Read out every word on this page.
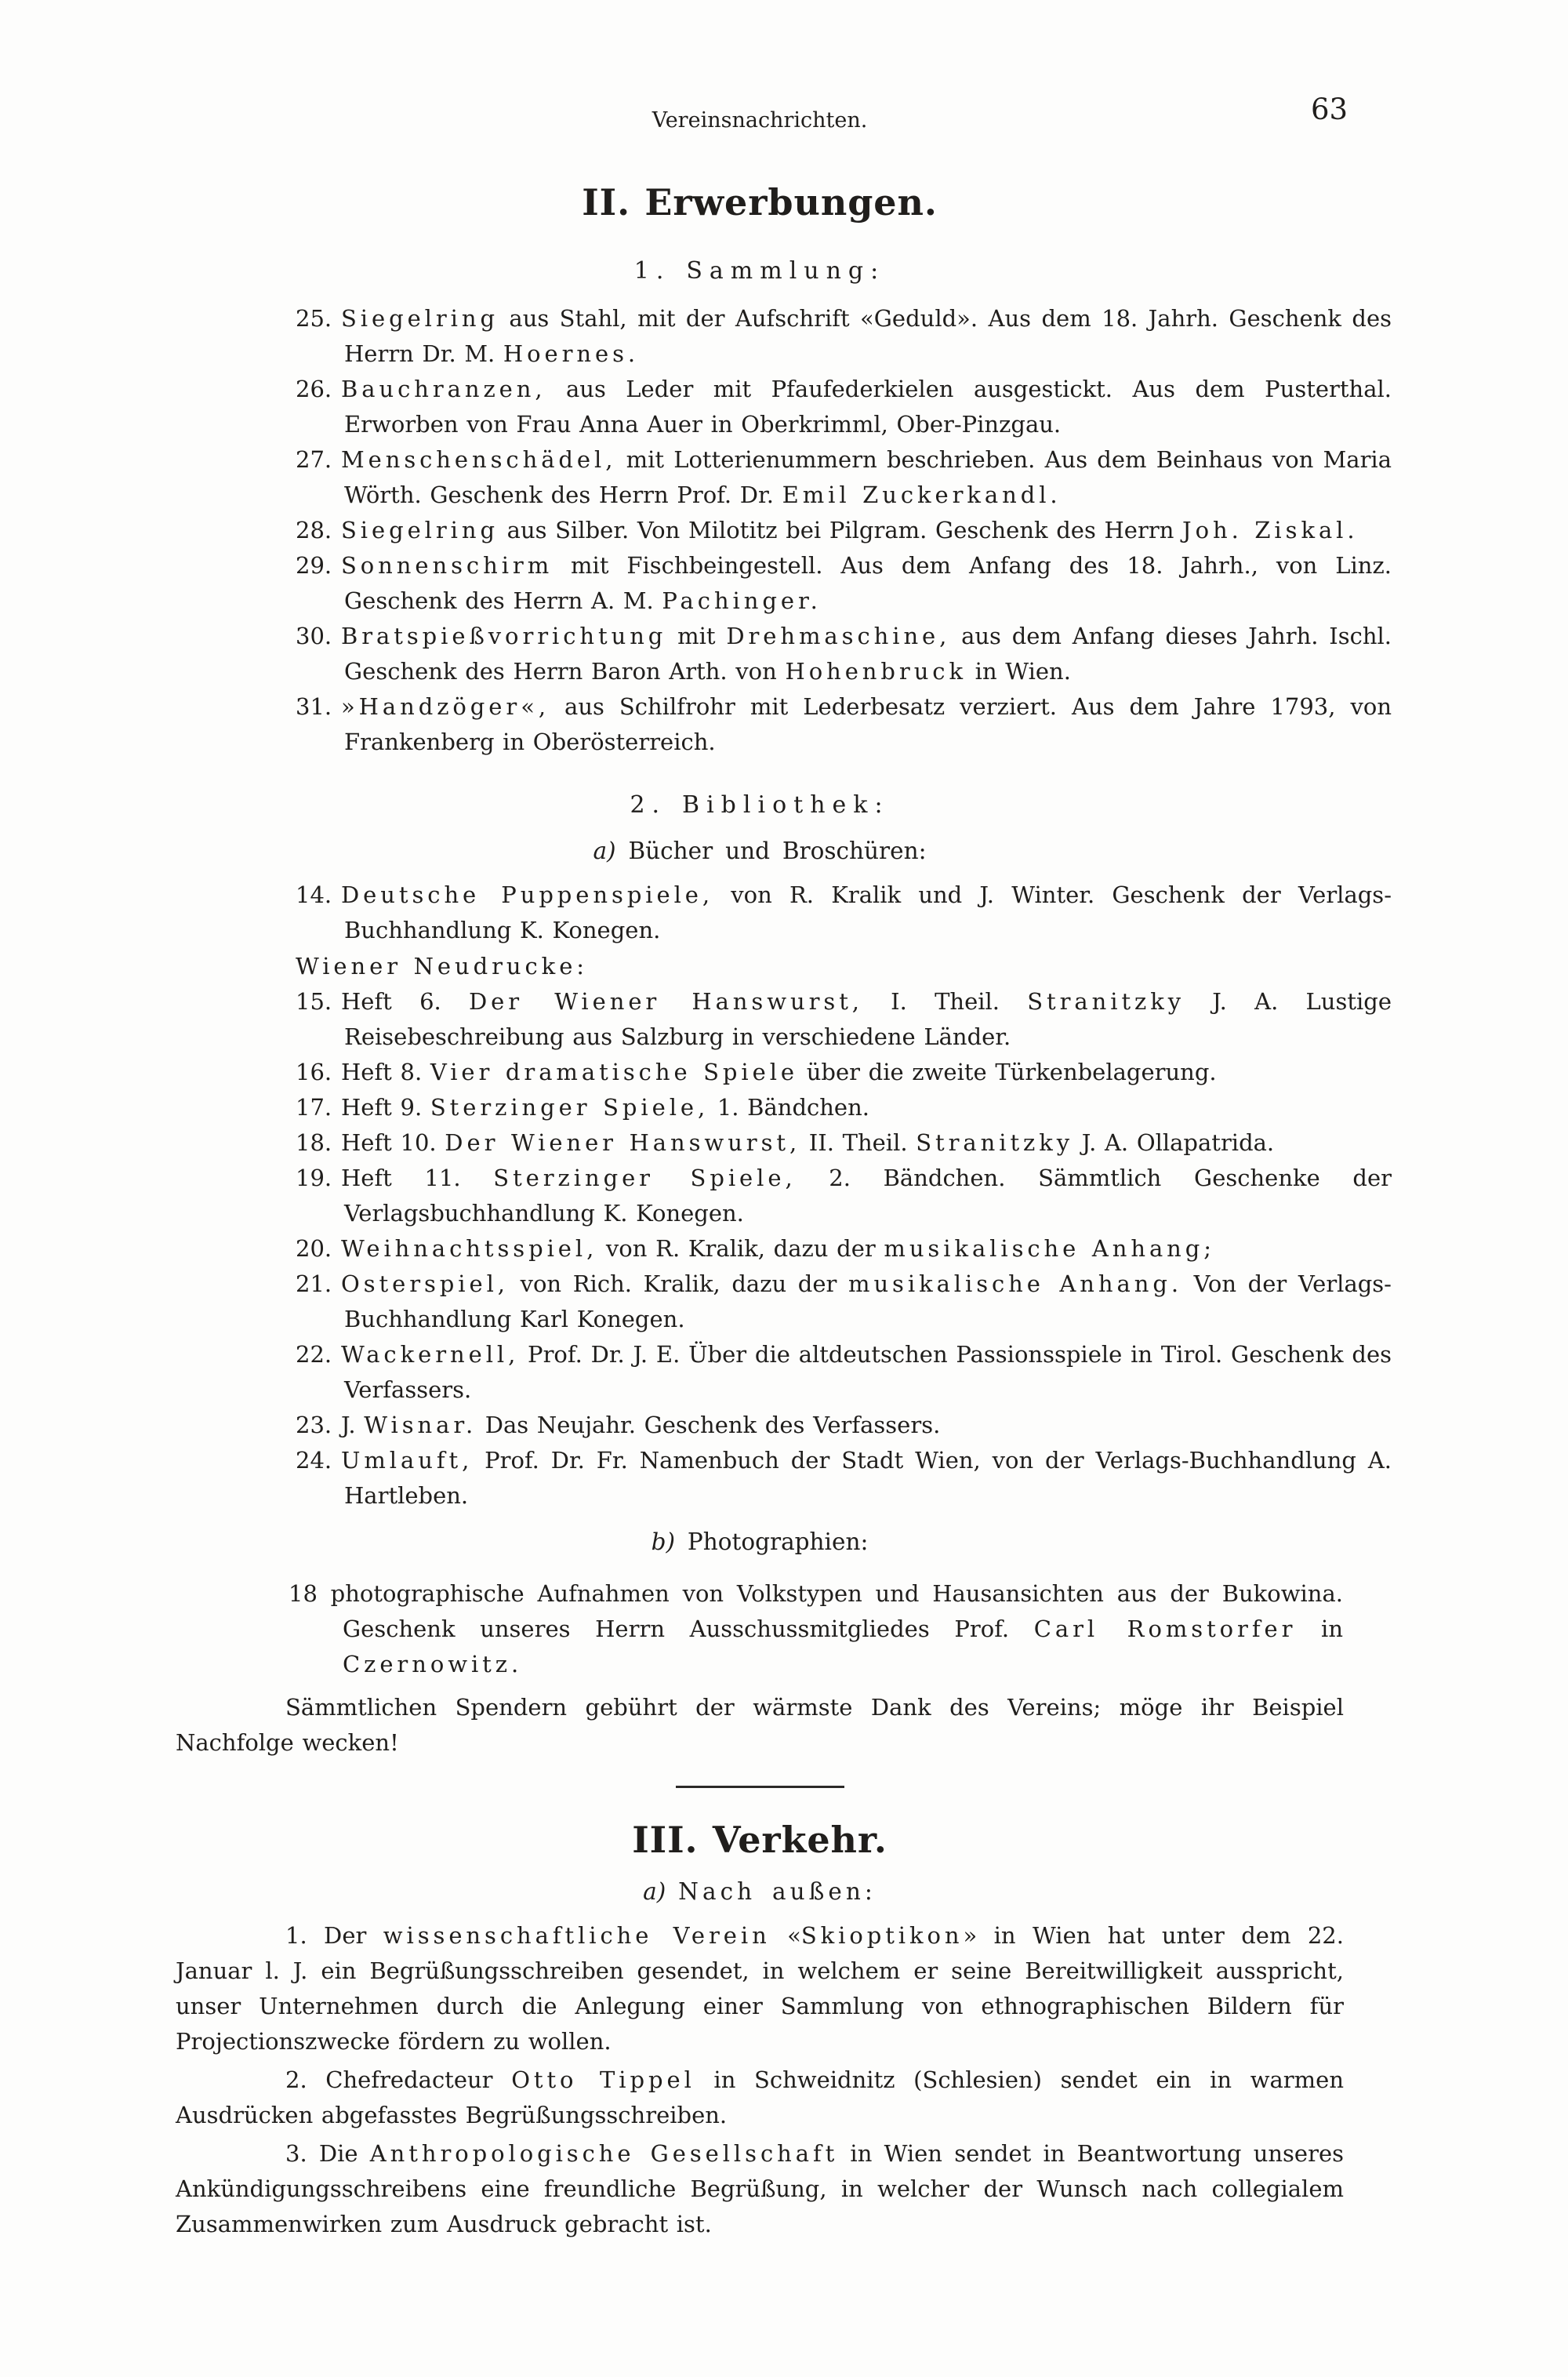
Vereinsnachrichten.	63
II. Erwerbungen.
1. Sammlung:
25. Siegelring aus Stahl, mit der Aufschrift «Geduld». Aus dem 18. Jahrh. Geschenk des Herrn Dr. M. Hoernes.
26. Bauchranzen, aus Leder mit Pfaufederkielen ausgestickt. Aus dem Pusterthal. Erworben von Frau Anna Auer in Oberkrimml, Ober-Pinzgau.
27. Menschenschädel, mit Lotterienummern beschrieben. Aus dem Beinhaus von Maria Wörth. Geschenk des Herrn Prof. Dr. Emil Zuckerkandl.
28. Siegelring aus Silber. Von Milotitz bei Pilgram. Geschenk des Herrn Joh. Ziskal.
29. Sonnenschirm mit Fischbeingestell. Aus dem Anfang des 18. Jahrh., von Linz. Geschenk des Herrn A. M. Pachinger.
30. Bratspießvorrichtung mit Drehmaschine, aus dem Anfang dieses Jahrh. Ischl. Geschenk des Herrn Baron Arth. von Hohenbruck in Wien.
31. »Handzöger«, aus Schilfrohr mit Lederbesatz verziert. Aus dem Jahre 1793, von Frankenberg in Oberösterreich.
2. Bibliothek:
a) Bücher und Broschüren:
14. Deutsche Puppenspiele, von R. Kralik und J. Winter. Geschenk der Verlags-Buchhandlung K. Konegen.
Wiener Neudrucke:
15. Heft 6. Der Wiener Hanswurst, I. Theil. Stranitzky J. A. Lustige Reisebeschreibung aus Salzburg in verschiedene Länder.
16. Heft 8. Vier dramatische Spiele über die zweite Türkenbelagerung.
17. Heft 9. Sterzinger Spiele, 1. Bändchen.
18. Heft 10. Der Wiener Hanswurst, II. Theil. Stranitzky J. A. Ollapatrida.
19. Heft 11. Sterzinger Spiele, 2. Bändchen. Sämmtlich Geschenke der Verlagsbuchhandlung K. Konegen.
20. Weihnachtsspiel, von R. Kralik, dazu der musikalische Anhang;
21. Osterspiel, von Rich. Kralik, dazu der musikalische Anhang. Von der Verlags-Buchhandlung Karl Konegen.
22. Wackernell, Prof. Dr. J. E. Über die altdeutschen Passionsspiele in Tirol. Geschenk des Verfassers.
23. J. Wisnar. Das Neujahr. Geschenk des Verfassers.
24. Umlauft, Prof. Dr. Fr. Namenbuch der Stadt Wien, von der Verlags-Buchhandlung A. Hartleben.
b) Photographien:

18 photographische Aufnahmen von Volkstypen und Hausansichten aus der Bukowina. Geschenk unseres Herrn Ausschussmitgliedes Prof. Carl Romstorfer in Czernowitz.

Sämmtlichen Spendern gebührt der wärmste Dank des Vereins; möge ihr Beispiel Nachfolge wecken!

III. Verkehr.
a) Nach außen:

1. Der wissenschaftliche Verein «Skioptikon» in Wien hat unter dem 22. Januar l. J. ein Begrüßungsschreiben gesendet, in welchem er seine Bereitwilligkeit ausspricht, unser Unternehmen durch die Anlegung einer Sammlung von ethnographischen Bildern für Projectionszwecke fördern zu wollen.

2. Chefredacteur Otto Tippel in Schweidnitz (Schlesien) sendet ein in warmen Ausdrücken abgefasstes Begrüßungsschreiben.

3. Die Anthropologische Gesellschaft in Wien sendet in Beantwortung unseres Ankündigungsschreibens eine freundliche Begrüßung, in welcher der Wunsch nach collegialem Zusammenwirken zum Ausdruck gebracht ist.
